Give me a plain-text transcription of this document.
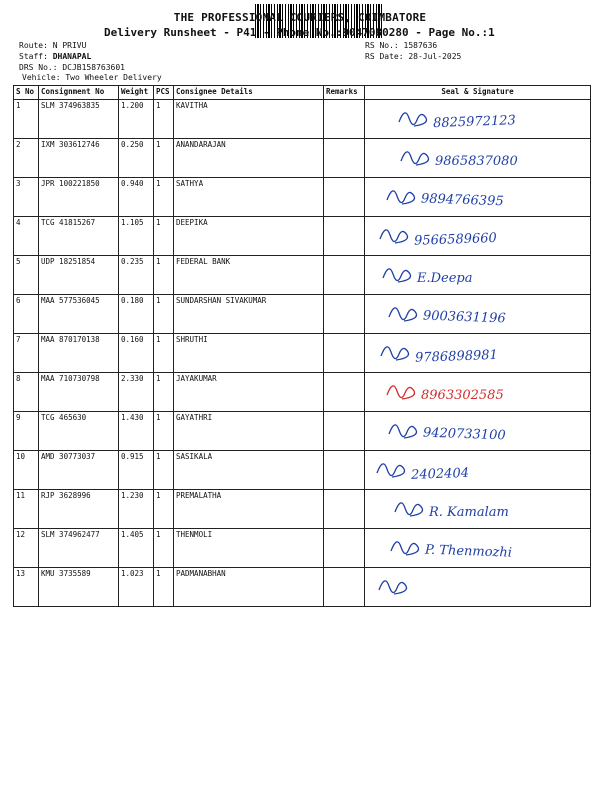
THE PROFESSIONAL COURIERS, COIMBATORE
Delivery Runsheet - P41 - Phone No.:9047080280 - Page No.:1
Route: N PRIVU
Staff: DHANAPAL
DRS No.: DCJB158763601
Vehicle: Two Wheeler Delivery
RS No.: 1587636
RS Date: 28-Jul-2025
S No	Consignment No	Weight	PCS	Consignee Details	Remarks	Seal & Signature
1	SLM 374963835	1.200	1	KAVITHA		8825972123

2	IXM 303612746	0.250	1	ANANDARAJAN		9865837080

3	JPR 100221850	0.940	1	SATHYA		9894766395

4	TCG 41815267	1.105	1	DEEPIKA		9566589660

5	UDP 18251854	0.235	1	FEDERAL BANK		E.Deepa

6	MAA 577536045	0.180	1	SUNDARSHAN SIVAKUMAR		9003631196

7	MAA 870170138	0.160	1	SHRUTHI		9786898981

8	MAA 710730798	2.330	1	JAYAKUMAR		8963302585

9	TCG 465630	1.430	1	GAYATHRI		9420733100

10	AMD 30773037	0.915	1	SASIKALA		2402404

11	RJP 3628996	1.230	1	PREMALATHA		R. Kamalam

12	SLM 374962477	1.405	1	THENMOLI		P. Thenmozhi

13	KMU 3735589	1.023	1	PADMANABHAN		
